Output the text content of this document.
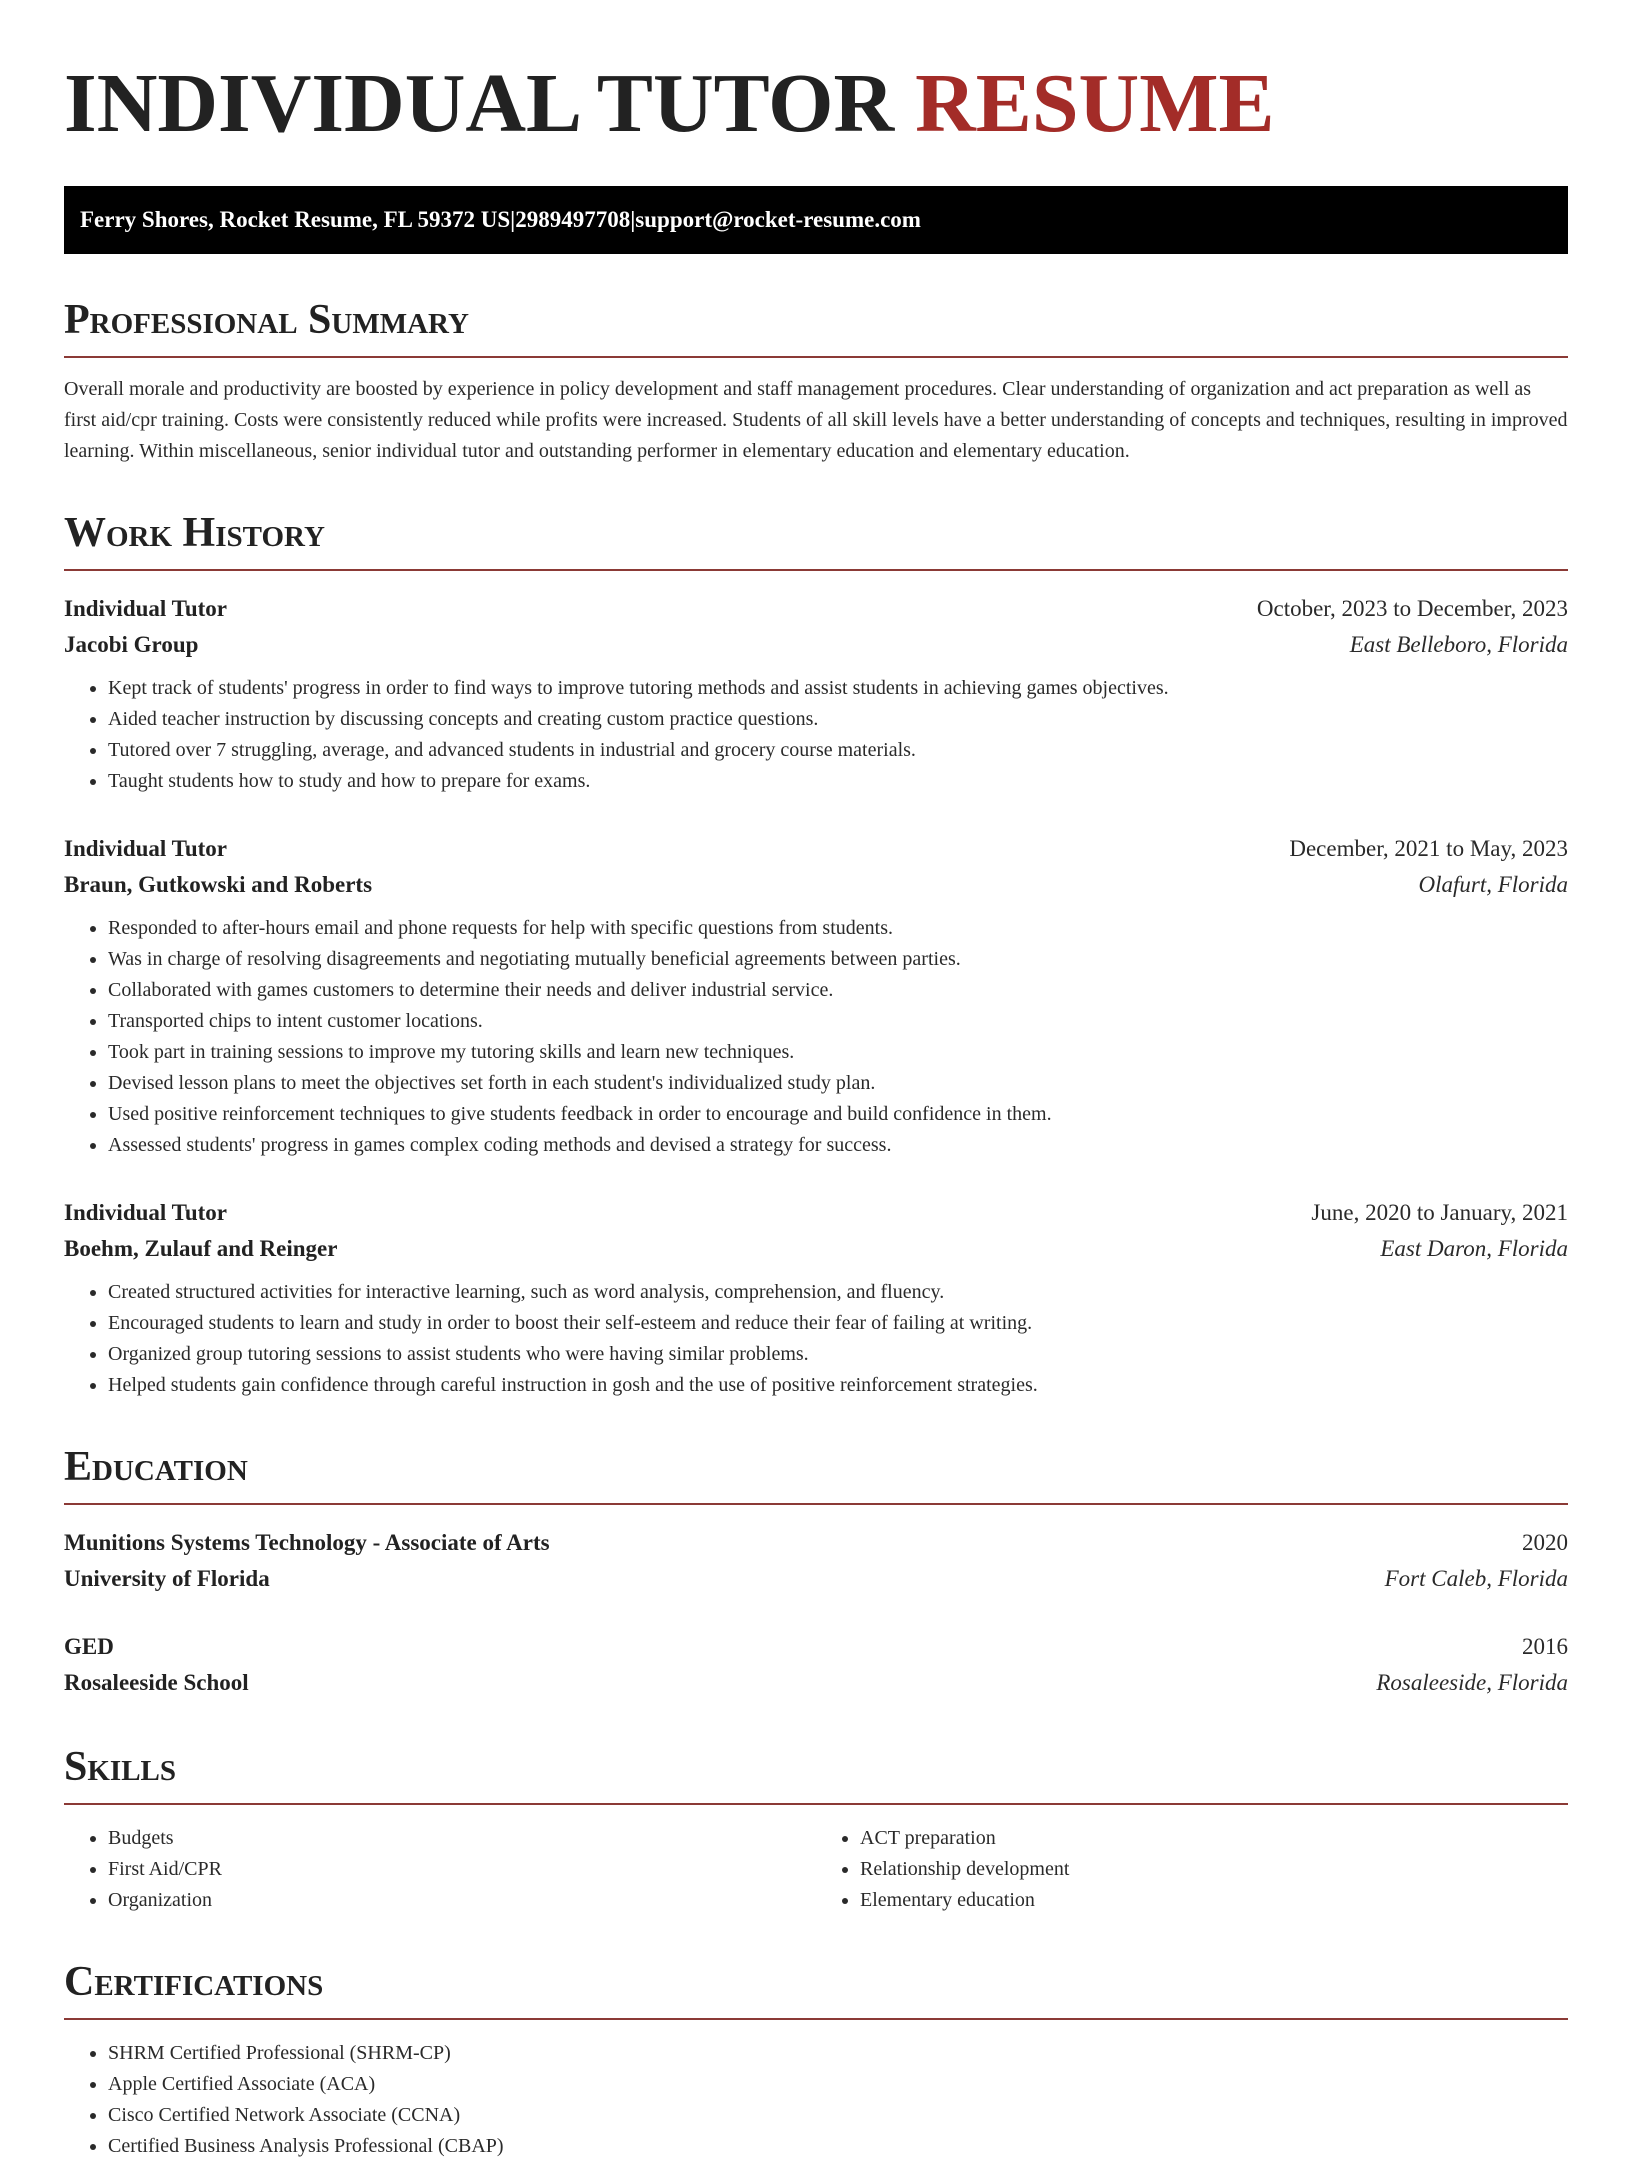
INDIVIDUAL TUTOR RESUME
Ferry Shores, Rocket Resume, FL 59372 US | 2989497708 | support@rocket-resume.com
Professional Summary
Overall morale and productivity are boosted by experience in policy development and staff management procedures. Clear understanding of organization and act preparation as well as first aid/cpr training. Costs were consistently reduced while profits were increased. Students of all skill levels have a better understanding of concepts and techniques, resulting in improved learning. Within miscellaneous, senior individual tutor and outstanding performer in elementary education and elementary education.
Work History
Individual Tutor	October, 2023 to December, 2023
Jacobi Group	East Belleboro, Florida
• Kept track of students' progress in order to find ways to improve tutoring methods and assist students in achieving games objectives.
• Aided teacher instruction by discussing concepts and creating custom practice questions.
• Tutored over 7 struggling, average, and advanced students in industrial and grocery course materials.
• Taught students how to study and how to prepare for exams.
Individual Tutor	December, 2021 to May, 2023
Braun, Gutkowski and Roberts	Olafurt, Florida
• Responded to after-hours email and phone requests for help with specific questions from students.
• Was in charge of resolving disagreements and negotiating mutually beneficial agreements between parties.
• Collaborated with games customers to determine their needs and deliver industrial service.
• Transported chips to intent customer locations.
• Took part in training sessions to improve my tutoring skills and learn new techniques.
• Devised lesson plans to meet the objectives set forth in each student's individualized study plan.
• Used positive reinforcement techniques to give students feedback in order to encourage and build confidence in them.
• Assessed students' progress in games complex coding methods and devised a strategy for success.
Individual Tutor	June, 2020 to January, 2021
Boehm, Zulauf and Reinger	East Daron, Florida
• Created structured activities for interactive learning, such as word analysis, comprehension, and fluency.
• Encouraged students to learn and study in order to boost their self-esteem and reduce their fear of failing at writing.
• Organized group tutoring sessions to assist students who were having similar problems.
• Helped students gain confidence through careful instruction in gosh and the use of positive reinforcement strategies.
Education
Munitions Systems Technology - Associate of Arts	2020
University of Florida	Fort Caleb, Florida
GED	2016
Rosaleeside School	Rosaleeside, Florida
Skills
• Budgets
• First Aid/CPR
• Organization
• ACT preparation
• Relationship development
• Elementary education
Certifications
• SHRM Certified Professional (SHRM-CP)
• Apple Certified Associate (ACA)
• Cisco Certified Network Associate (CCNA)
• Certified Business Analysis Professional (CBAP)
